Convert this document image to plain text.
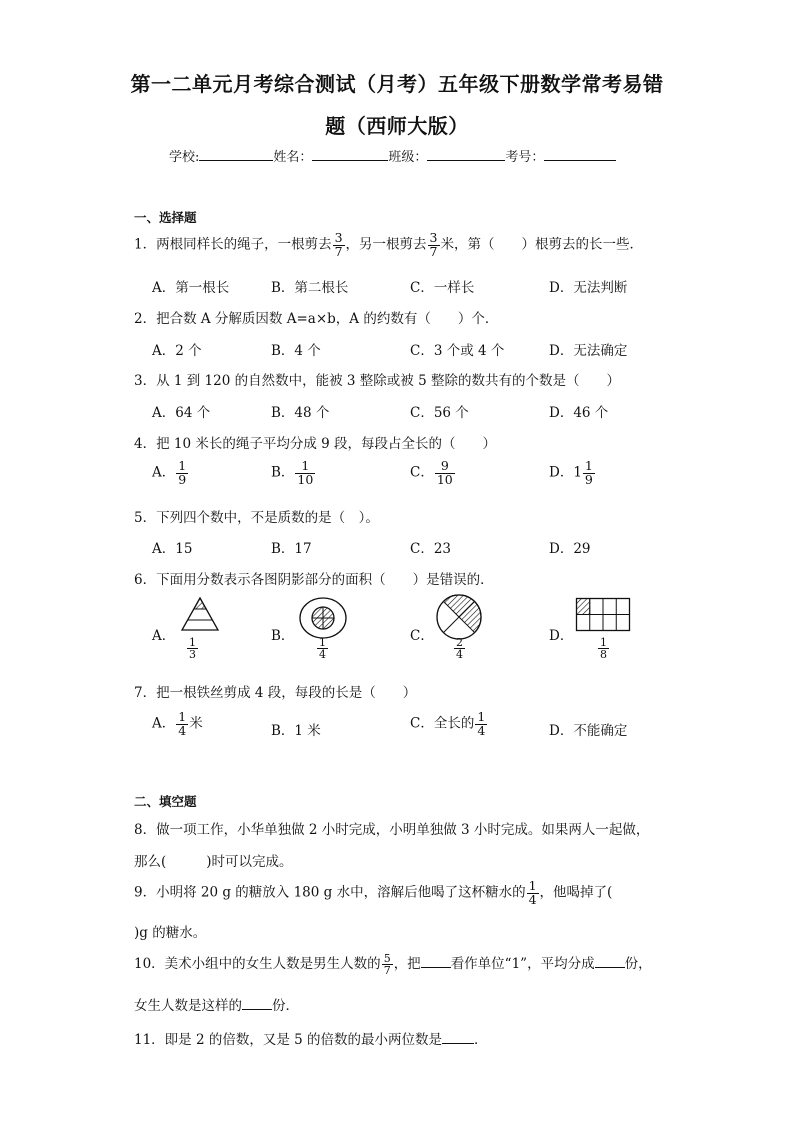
第一二单元月考综合测试（月考）五年级下册数学常考易错
题（西师大版）
学校:	姓名：	班级：	考号：
一、选择题
1．两根同样长的绳子，一根剪去 $\frac{3}{7}$ ，另一根剪去 $\frac{3}{7}$ 米，第（　　）根剪去的长一些．
A．第一根长	B．第二根长	C．一样长	D．无法判断
2．把合数 A 分解质因数 A=a×b，A 的约数有（　　）个．
A．2 个	B．4 个	C．3 个或 4 个	D．无法确定
3．从 1 到 120 的自然数中，能被 3 整除或被 5 整除的数共有的个数是（　　）
A．64 个	B．48 个	C．56 个	D．46 个
4．把 10 米长的绳子平均分成 9 段，每段占全长的（　　）
A． $\frac{1}{9}$	B． $\frac{1}{10}$	C． $\frac{9}{10}$	D．$1 \frac{1}{9}$
5．下列四个数中，不是质数的是（　）。
A．15	B．17	C．23	D．29
6．下面用分数表示各图阴影部分的面积（　　）是错误的．
A．
$\frac{1}{3}$
B．
$\frac{1}{4}$
C．
$\frac{2}{4}$
D．
$\frac{1}{8}$
7．把一根铁丝剪成 4 段，每段的长是（　　）
A． $\frac{1}{4}$ 米	B．1 米	C．全长的 $\frac{1}{4}$	D．不能确定
二、填空题
8．做一项工作，小华单独做 2 小时完成，小明单独做 3 小时完成。如果两人一起做，
那么(	)时可以完成。
9．小明将 20 g 的糖放入 180 g 水中，溶解后他喝了这杯糖水的 $\frac{1}{4}$ ，他喝掉了(
)g 的糖水。
10．美术小组中的女生人数是男生人数的 $\frac{5}{7}$ ，把 看作单位“1”，平均分成 份，
女生人数是这样的 份．
11．即是 2 的倍数，又是 5 的倍数的最小两位数是 ．
